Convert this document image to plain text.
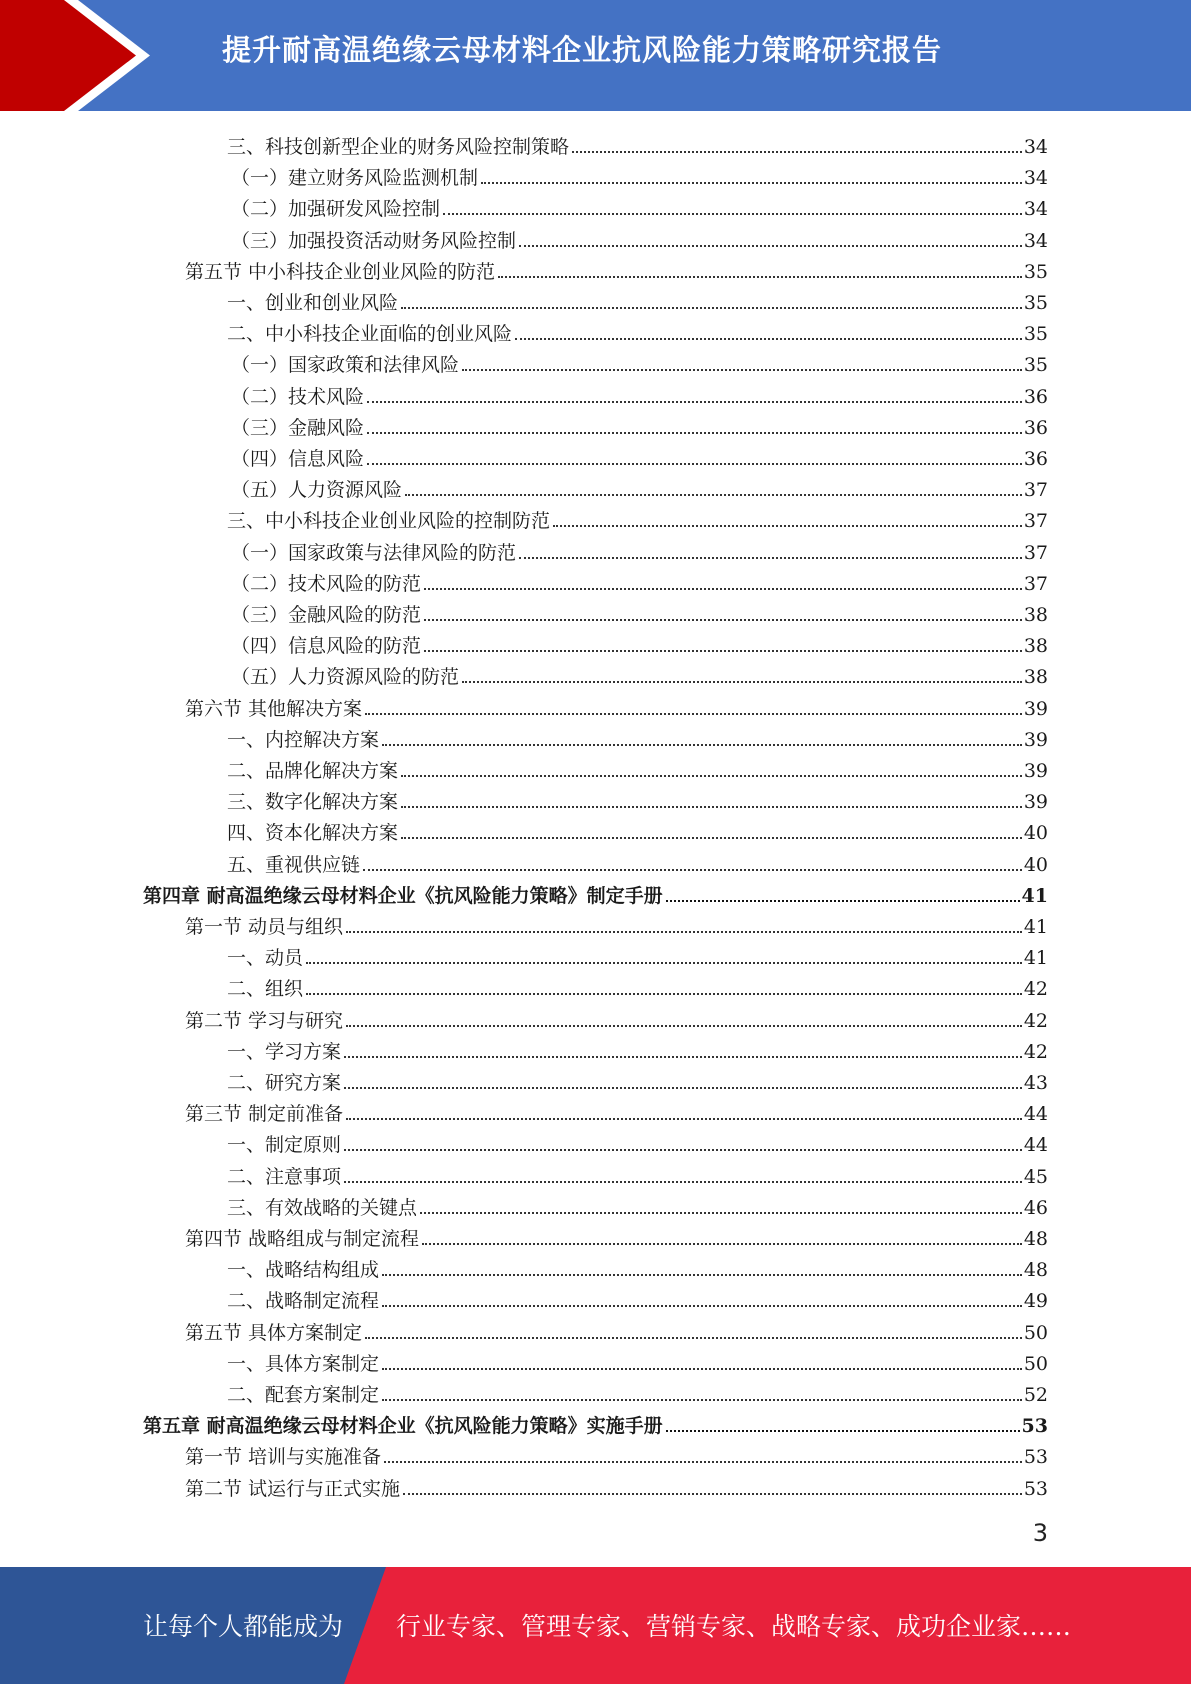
提升耐高温绝缘云母材料企业抗风险能力策略研究报告
三、科技创新型企业的财务风险控制策略	34
（一）建立财务风险监测机制	34
（二）加强研发风险控制	34
（三）加强投资活动财务风险控制	34
第五节 中小科技企业创业风险的防范	35
一、创业和创业风险	35
二、中小科技企业面临的创业风险	35
（一）国家政策和法律风险	35
（二）技术风险	36
（三）金融风险	36
（四）信息风险	36
（五）人力资源风险	37
三、中小科技企业创业风险的控制防范	37
（一）国家政策与法律风险的防范	37
（二）技术风险的防范	37
（三）金融风险的防范	38
（四）信息风险的防范	38
（五）人力资源风险的防范	38
第六节 其他解决方案	39
一、内控解决方案	39
二、品牌化解决方案	39
三、数字化解决方案	39
四、资本化解决方案	40
五、重视供应链	40
第四章 耐高温绝缘云母材料企业《抗风险能力策略》制定手册	41
第一节 动员与组织	41
一、动员	41
二、组织	42
第二节 学习与研究	42
一、学习方案	42
二、研究方案	43
第三节 制定前准备	44
一、制定原则	44
二、注意事项	45
三、有效战略的关键点	46
第四节 战略组成与制定流程	48
一、战略结构组成	48
二、战略制定流程	49
第五节 具体方案制定	50
一、具体方案制定	50
二、配套方案制定	52
第五章 耐高温绝缘云母材料企业《抗风险能力策略》实施手册	53
第一节 培训与实施准备	53
第二节 试运行与正式实施	53
3
让每个人都能成为 行业专家、管理专家、营销专家、战略专家、成功企业家……
